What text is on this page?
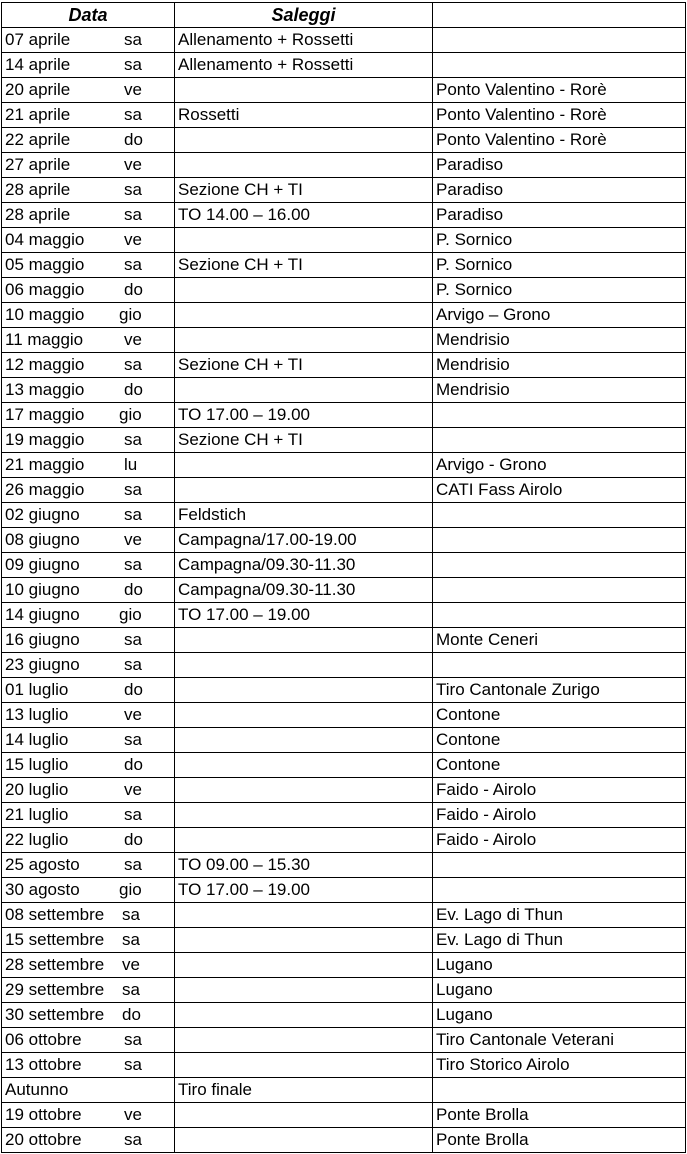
Data	Saleggi	

07 aprile sa	Allenamento + Rossetti	

14 aprile sa	Allenamento + Rossetti	

20 aprile ve		Ponto Valentino - Rorè

21 aprile sa	Rossetti	Ponto Valentino - Rorè

22 aprile do		Ponto Valentino - Rorè

27 aprile ve		Paradiso

28 aprile sa	Sezione CH + TI	Paradiso

28 aprile sa	TO 14.00 – 16.00	Paradiso

04 maggio ve		P. Sornico

05 maggio sa	Sezione CH + TI	P. Sornico

06 maggio do		P. Sornico

10 maggio gio		Arvigo – Grono

11 maggio ve		Mendrisio

12 maggio sa	Sezione CH + TI	Mendrisio

13 maggio do		Mendrisio

17 maggio gio	TO 17.00 – 19.00	

19 maggio sa	Sezione CH + TI	

21 maggio lu		Arvigo - Grono

26 maggio sa		CATI Fass Airolo

02 giugno sa	Feldstich	

08 giugno ve	Campagna/17.00-19.00	

09 giugno sa	Campagna/09.30-11.30	

10 giugno do	Campagna/09.30-11.30	

14 giugno gio	TO 17.00 – 19.00	

16 giugno sa		Monte Ceneri

23 giugno sa		

01 luglio do		Tiro Cantonale Zurigo

13 luglio ve		Contone

14 luglio sa		Contone

15 luglio do		Contone

20 luglio ve		Faido - Airolo

21 luglio sa		Faido - Airolo

22 luglio do		Faido - Airolo

25 agosto sa	TO 09.00 – 15.30	

30 agosto gio	TO 17.00 – 19.00	

08 settembre sa		Ev. Lago di Thun

15 settembre sa		Ev. Lago di Thun

28 settembre ve		Lugano

29 settembre sa		Lugano

30 settembre do		Lugano

06 ottobre sa		Tiro Cantonale Veterani

13 ottobre sa		Tiro Storico Airolo

Autunno	Tiro finale	

19 ottobre ve		Ponte Brolla

20 ottobre sa		Ponte Brolla
